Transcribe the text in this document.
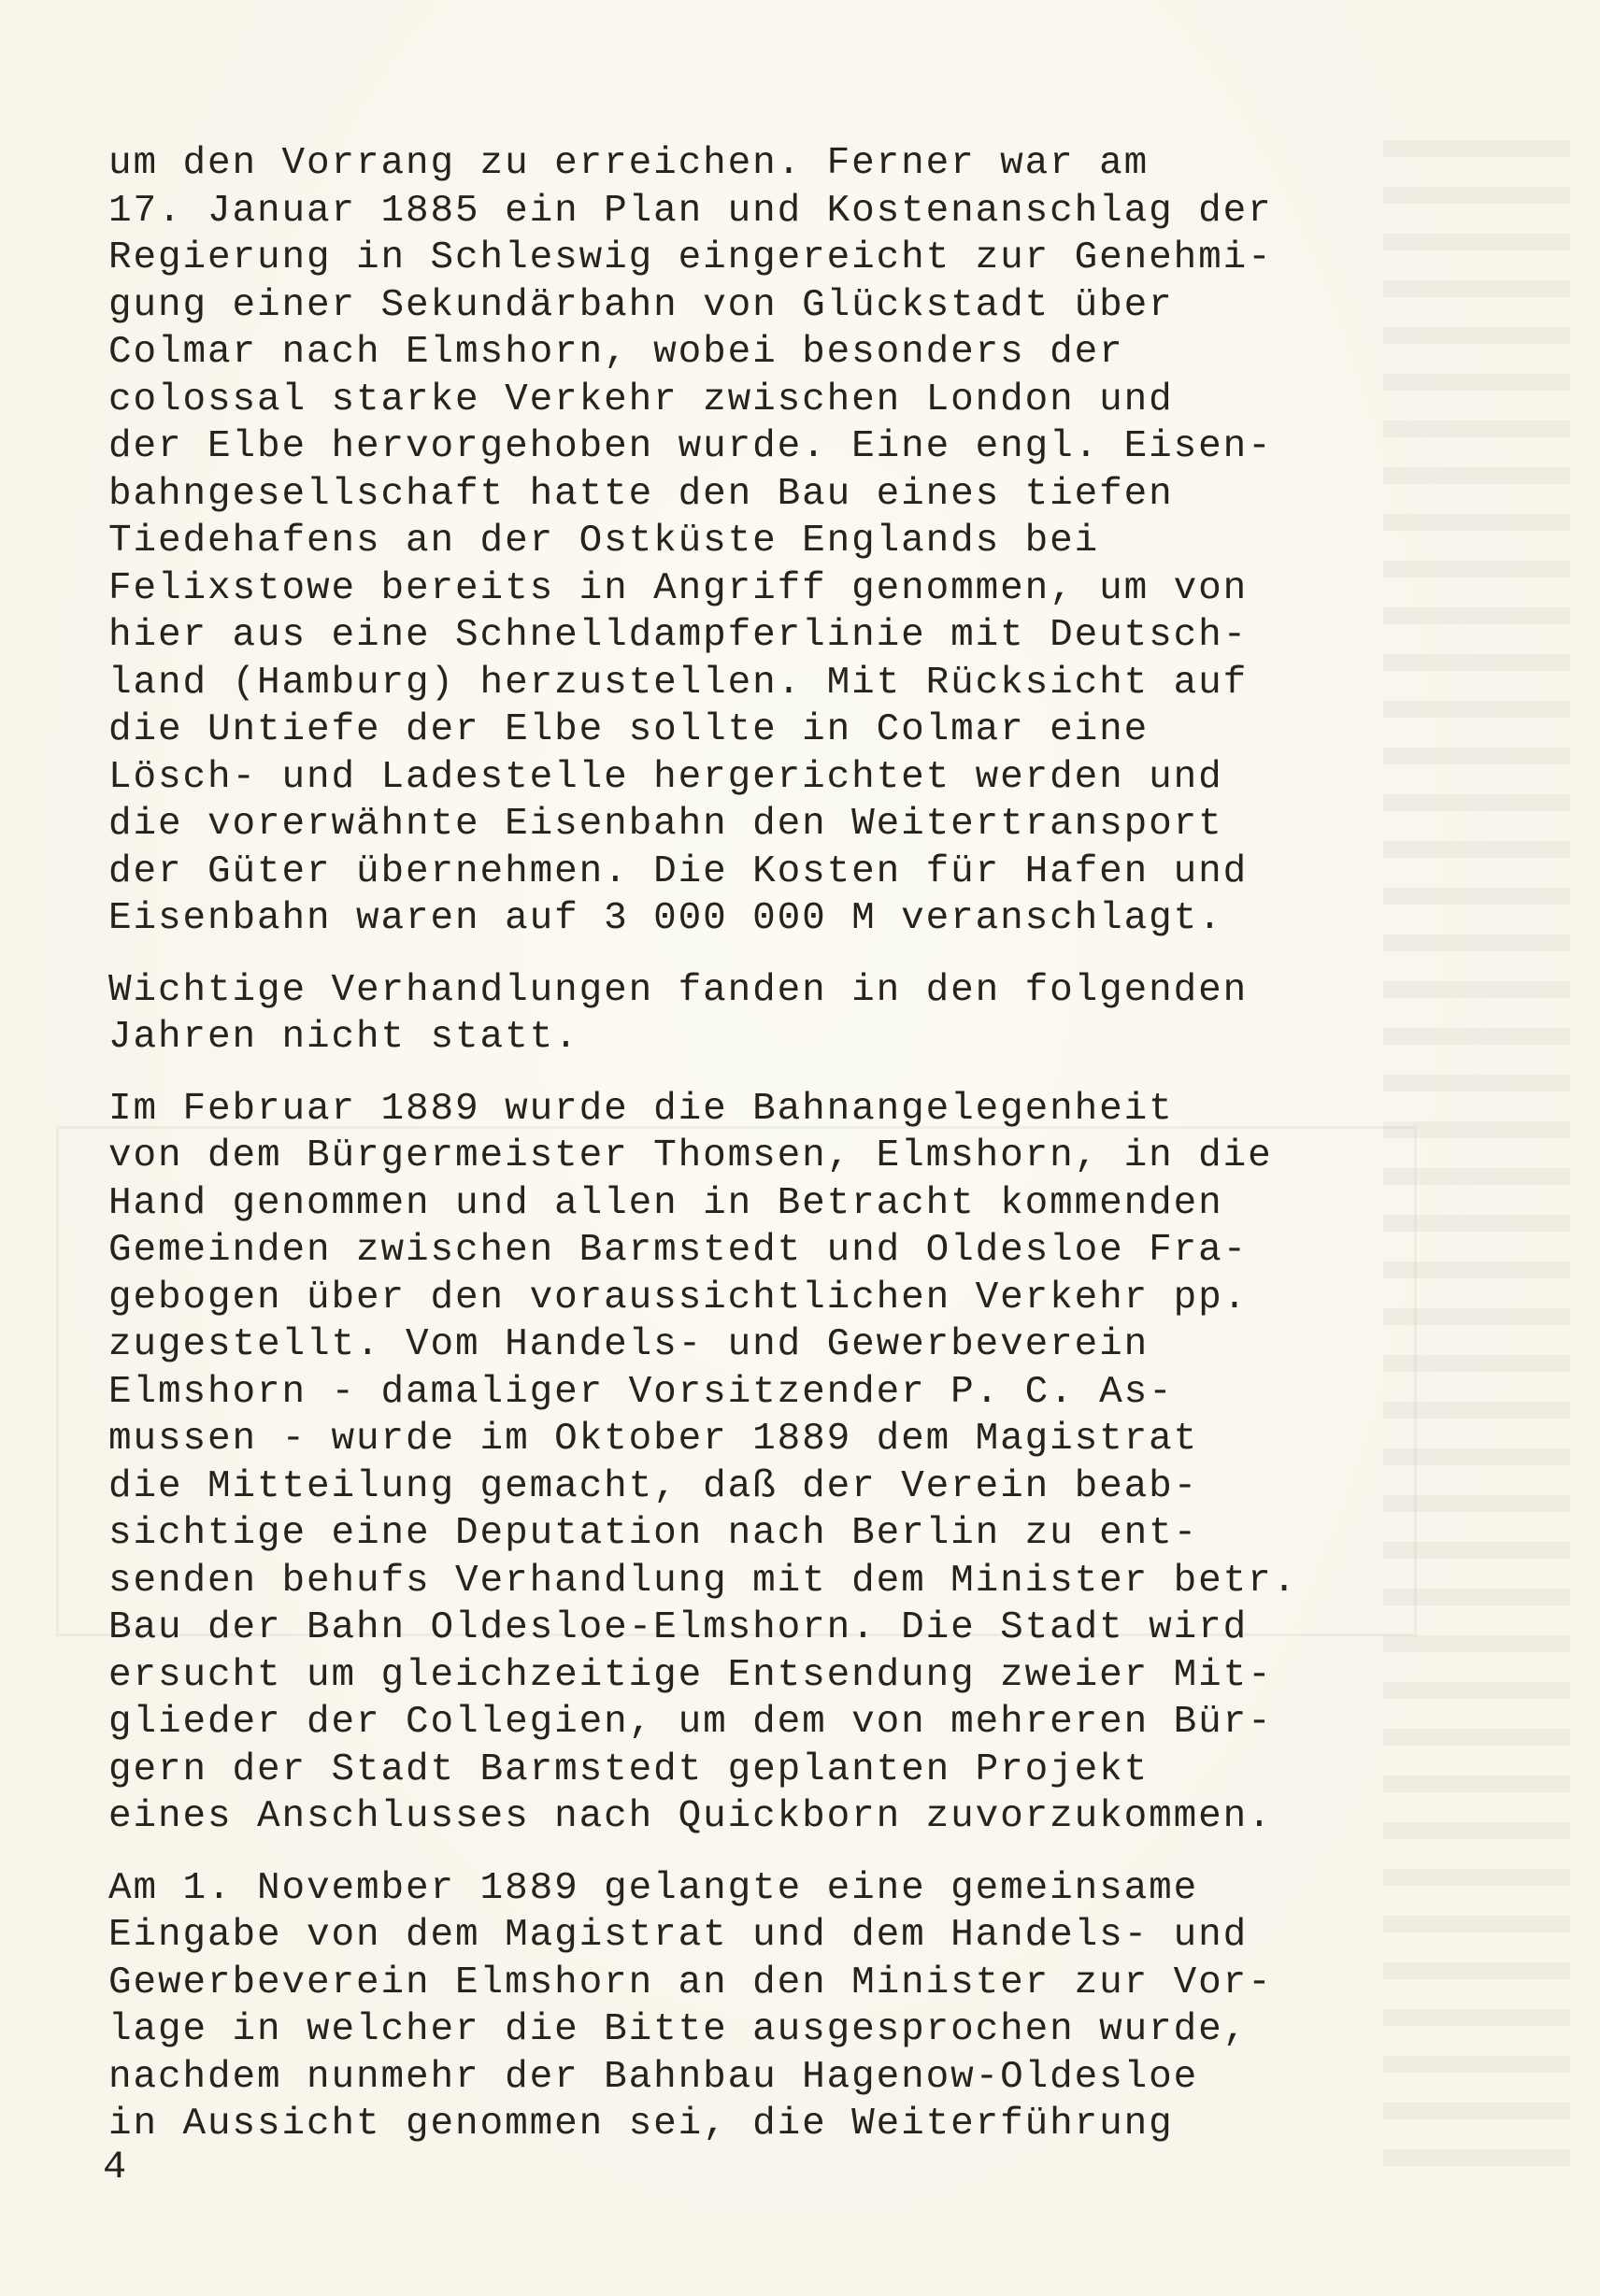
um den Vorrang zu erreichen. Ferner war am
17. Januar 1885 ein Plan und Kostenanschlag der
Regierung in Schleswig eingereicht zur Genehmi-
gung einer Sekundärbahn von Glückstadt über
Colmar nach Elmshorn, wobei besonders der
colossal starke Verkehr zwischen London und
der Elbe hervorgehoben wurde. Eine engl. Eisen-
bahngesellschaft hatte den Bau eines tiefen
Tiedehafens an der Ostküste Englands bei
Felixstowe bereits in Angriff genommen, um von
hier aus eine Schnelldampferlinie mit Deutsch-
land (Hamburg) herzustellen. Mit Rücksicht auf
die Untiefe der Elbe sollte in Colmar eine
Lösch- und Ladestelle hergerichtet werden und
die vorerwähnte Eisenbahn den Weitertransport
der Güter übernehmen. Die Kosten für Hafen und
Eisenbahn waren auf 3 000 000 M veranschlagt.
Wichtige Verhandlungen fanden in den folgenden
Jahren nicht statt.
Im Februar 1889 wurde die Bahnangelegenheit
von dem Bürgermeister Thomsen, Elmshorn, in die
Hand genommen und allen in Betracht kommenden
Gemeinden zwischen Barmstedt und Oldesloe Fra-
gebogen über den voraussichtlichen Verkehr pp.
zugestellt. Vom Handels- und Gewerbeverein
Elmshorn - damaliger Vorsitzender P. C. As-
mussen - wurde im Oktober 1889 dem Magistrat
die Mitteilung gemacht, daß der Verein beab-
sichtige eine Deputation nach Berlin zu ent-
senden behufs Verhandlung mit dem Minister betr.
Bau der Bahn Oldesloe-Elmshorn. Die Stadt wird
ersucht um gleichzeitige Entsendung zweier Mit-
glieder der Collegien, um dem von mehreren Bür-
gern der Stadt Barmstedt geplanten Projekt
eines Anschlusses nach Quickborn zuvorzukommen.
Am 1. November 1889 gelangte eine gemeinsame
Eingabe von dem Magistrat und dem Handels- und
Gewerbeverein Elmshorn an den Minister zur Vor-
lage in welcher die Bitte ausgesprochen wurde,
nachdem nunmehr der Bahnbau Hagenow-Oldesloe
in Aussicht genommen sei, die Weiterführung
4
